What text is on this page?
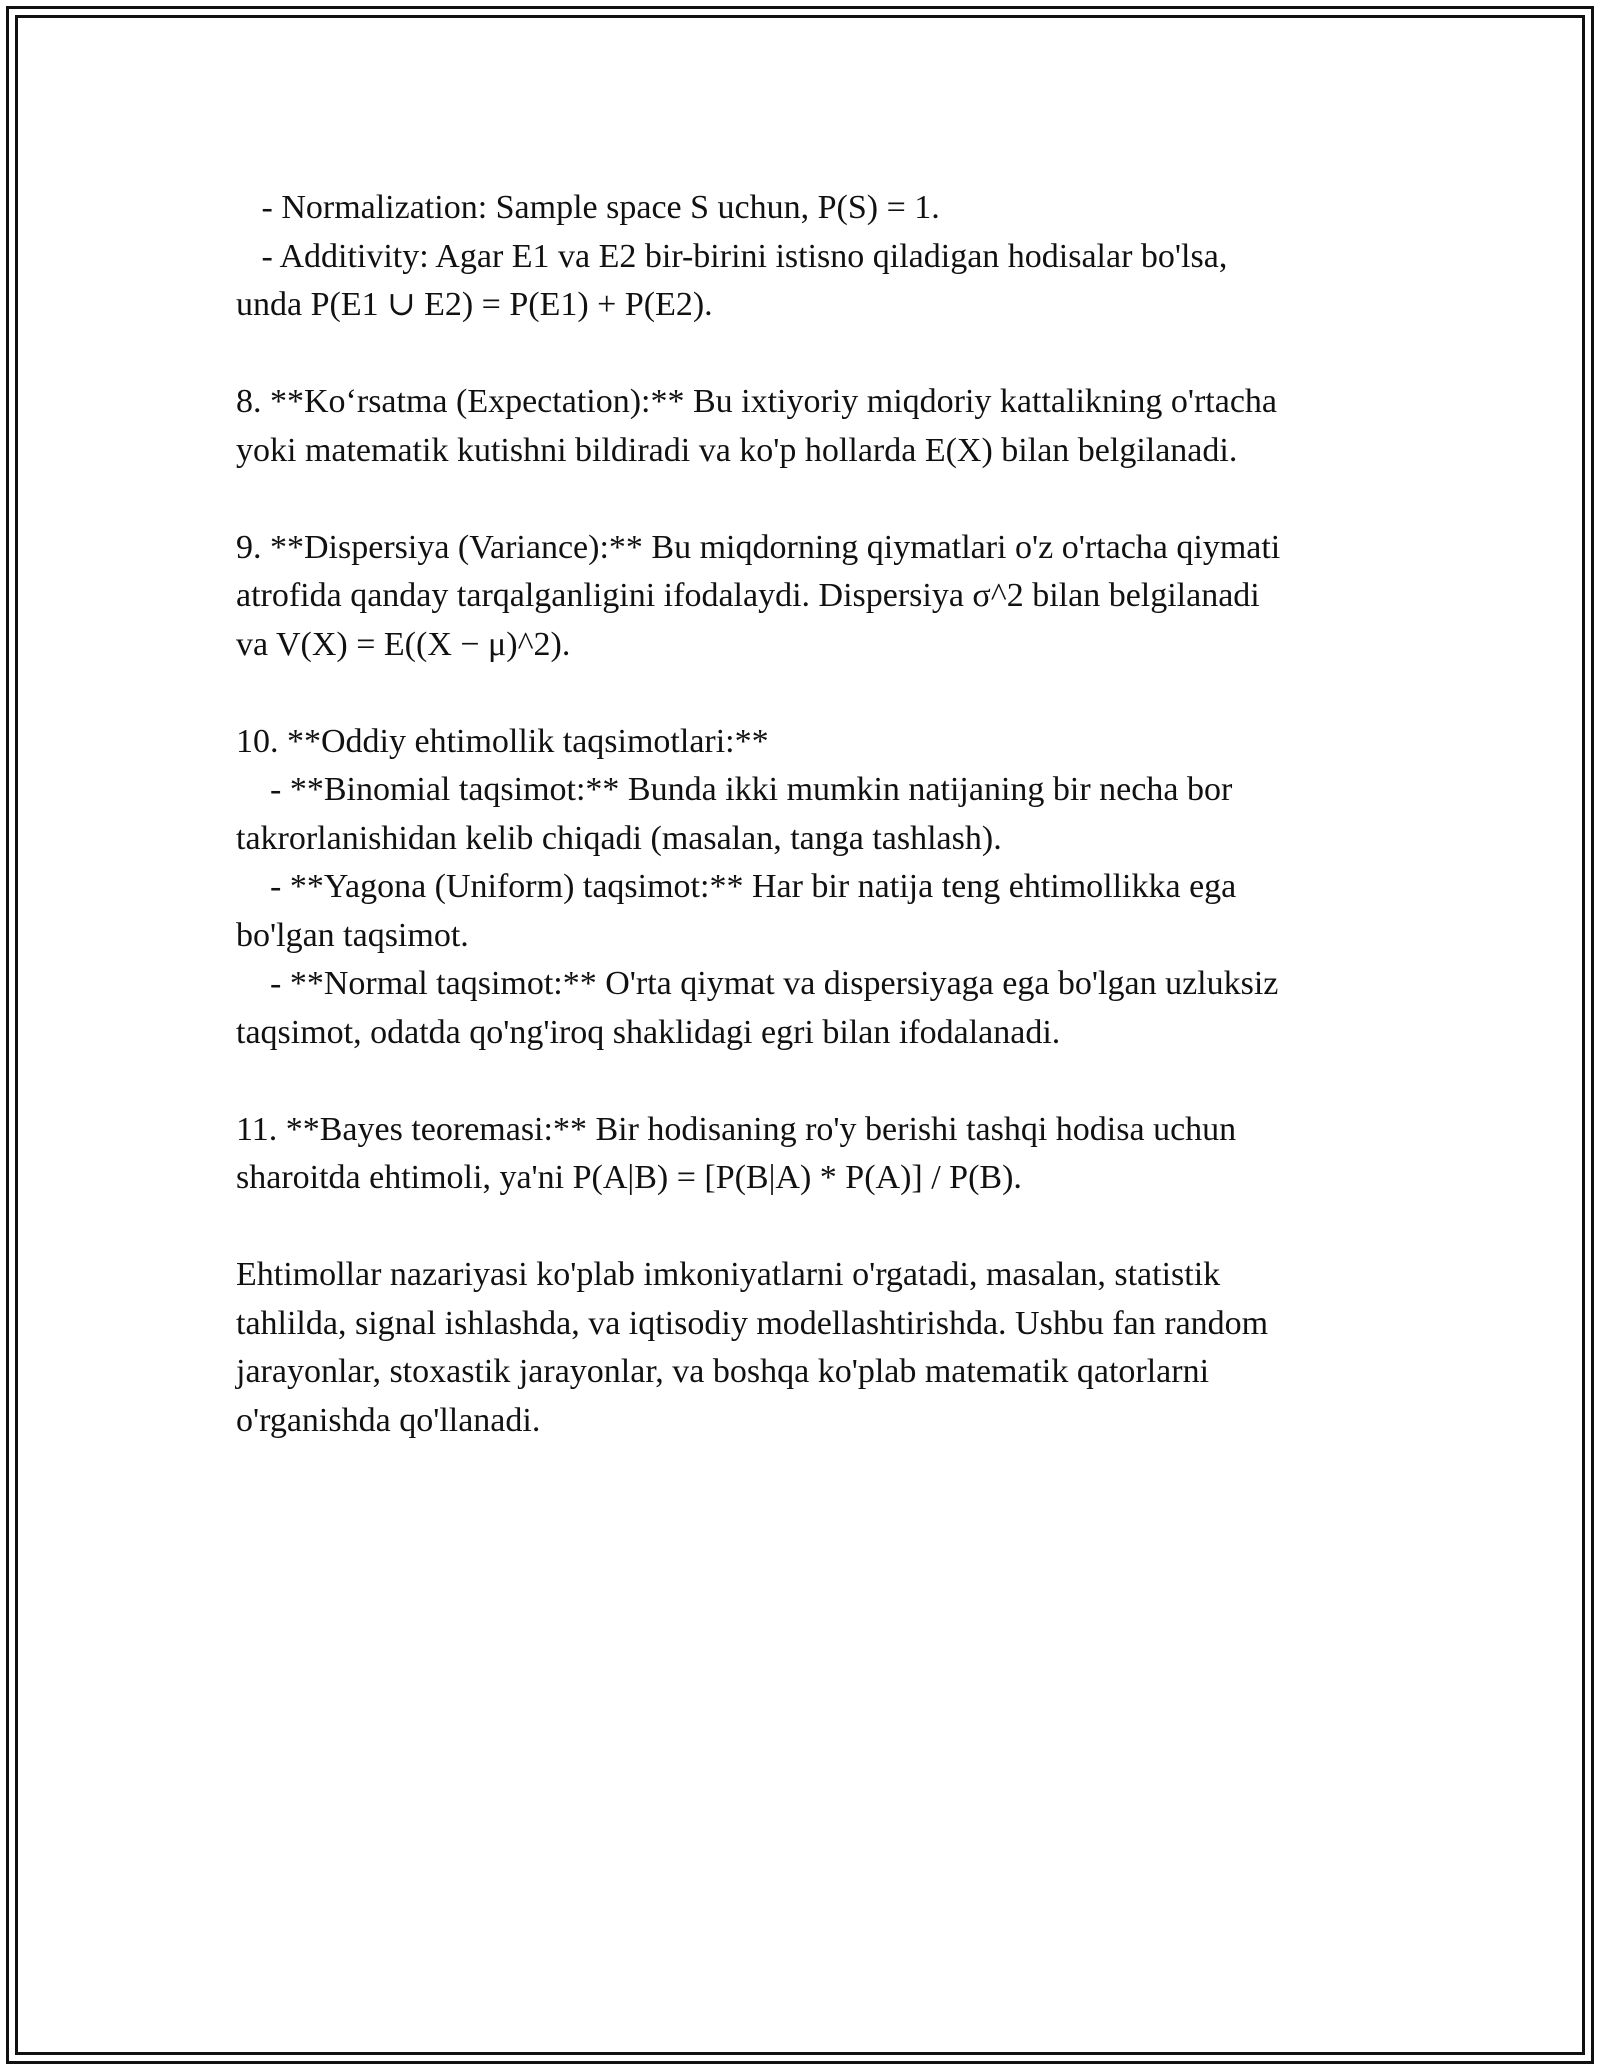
- Normalization: Sample space S uchun, P(S) = 1.
- Additivity: Agar E1 va E2 bir-birini istisno qiladigan hodisalar bo'lsa,
unda P(E1 ∪ E2) = P(E1) + P(E2).

8. **Ko‘rsatma (Expectation):** Bu ixtiyoriy miqdoriy kattalikning o'rtacha
yoki matematik kutishni bildiradi va ko'p hollarda E(X) bilan belgilanadi.

9. **Dispersiya (Variance):** Bu miqdorning qiymatlari o'z o'rtacha qiymati
atrofida qanday tarqalganligini ifodalaydi. Dispersiya σ^2 bilan belgilanadi
va V(X) = E((X − μ)^2).

10. **Oddiy ehtimollik taqsimotlari:**
- **Binomial taqsimot:** Bunda ikki mumkin natijaning bir necha bor
takrorlanishidan kelib chiqadi (masalan, tanga tashlash).
- **Yagona (Uniform) taqsimot:** Har bir natija teng ehtimollikka ega
bo'lgan taqsimot.
- **Normal taqsimot:** O'rta qiymat va dispersiyaga ega bo'lgan uzluksiz
taqsimot, odatda qo'ng'iroq shaklidagi egri bilan ifodalanadi.

11. **Bayes teoremasi:** Bir hodisaning ro'y berishi tashqi hodisa uchun
sharoitda ehtimoli, ya'ni P(A|B) = [P(B|A) * P(A)] / P(B).

Ehtimollar nazariyasi ko'plab imkoniyatlarni o'rgatadi, masalan, statistik
tahlilda, signal ishlashda, va iqtisodiy modellashtirishda. Ushbu fan random
jarayonlar, stoxastik jarayonlar, va boshqa ko'plab matematik qatorlarni
o'rganishda qo'llanadi.
